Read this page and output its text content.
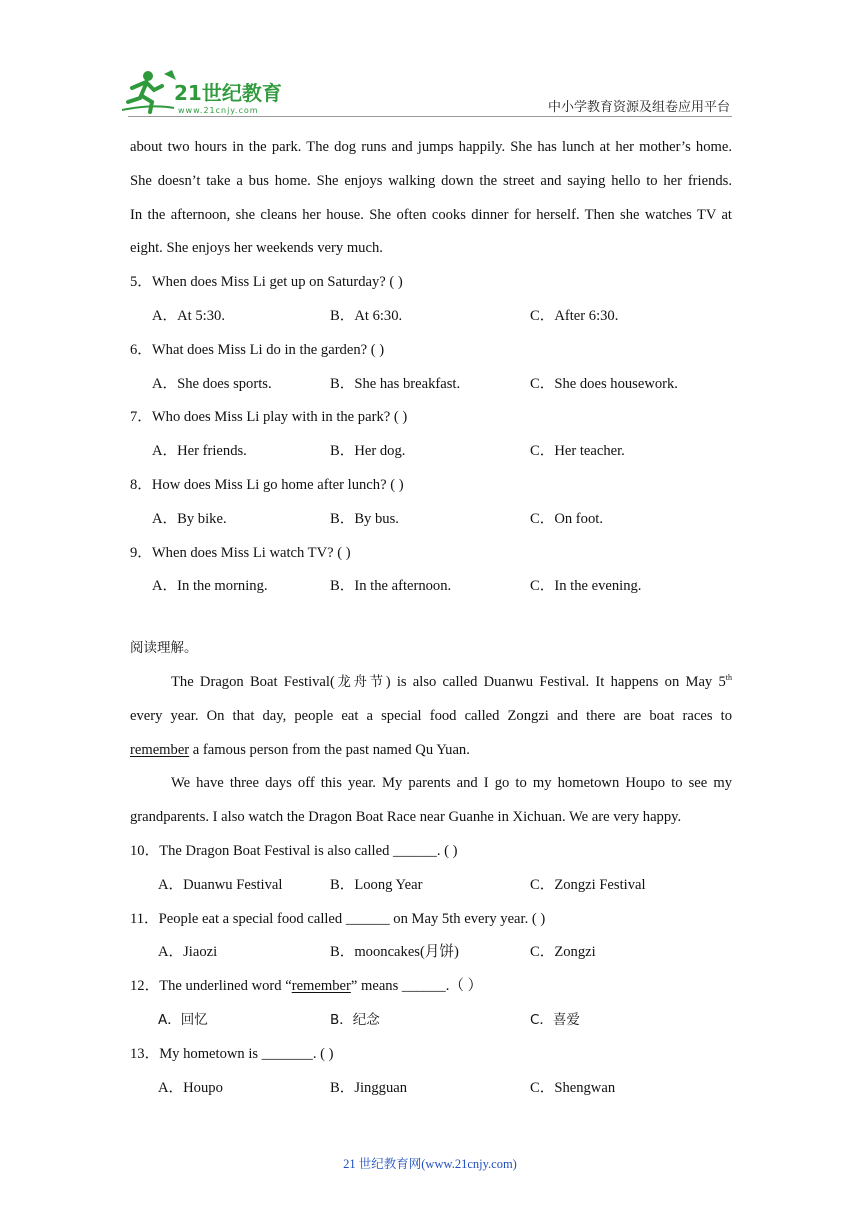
21世纪教育
www.21cnjy.com	中小学教育资源及组卷应用平台

about two hours in the park. The dog runs and jumps happily. She has lunch at her mother’s home.

She doesn’t take a bus home. She enjoys walking down the street and saying hello to her friends.

In the afternoon, she cleans her house. She often cooks dinner for herself. Then she watches TV at

eight. She enjoys her weekends very much.

5．When does Miss Li get up on Saturday? ( )

A．At 5:30.	B．At 6:30.	C．After 6:30.

6．What does Miss Li do in the garden? ( )

A．She does sports.	B．She has breakfast.	C．She does housework.

7．Who does Miss Li play with in the park? ( )

A．Her friends.	B．Her dog.	C．Her teacher.

8．How does Miss Li go home after lunch? ( )

A．By bike.	B．By bus.	C．On foot.

9．When does Miss Li watch TV? ( )

A．In the morning.	B．In the afternoon.	C．In the evening.

阅读理解。

The Dragon Boat Festival(龙舟节) is also called Duanwu Festival. It happens on May 5th

every year. On that day, people eat a special food called Zongzi and there are boat races to

remember a famous person from the past named Qu Yuan.

We have three days off this year. My parents and I go to my hometown Houpo to see my

grandparents. I also watch the Dragon Boat Race near Guanhe in Xichuan. We are very happy.

10．The Dragon Boat Festival is also called ______. ( )

A．Duanwu Festival	B．Loong Year	C．Zongzi Festival

11．People eat a special food called ______ on May 5th every year. ( )

A．Jiaozi	B．mooncakes(月饼)	C．Zongzi

12．The underlined word “remember” means ______.（ ）

A．回忆	B．纪念	C．喜爱

13．My hometown is _______. ( )

A．Houpo	B．Jingguan	C．Shengwan
21 世纪教育网(www.21cnjy.com)
